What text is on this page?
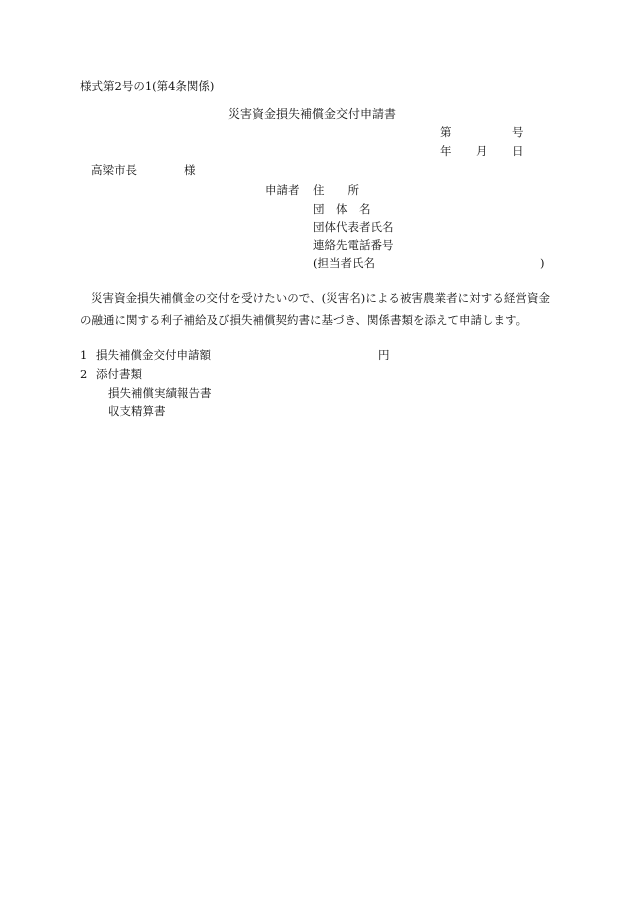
様式第2号の1(第4条関係)
災害資金損失補償金交付申請書
第	号
年 月 日
高梁市長	様
申請者 住　　所
団　体　名
団体代表者氏名
連絡先電話番号
(担当者氏名	)
災害資金損失補償金の交付を受けたいので、(災害名)による被害農業者に対する経営資金の融通に関する利子補給及び損失補償契約書に基づき、関係書類を添えて申請します。
1 損失補償金交付申請額	円
2 添付書類
損失補償実績報告書
収支精算書
